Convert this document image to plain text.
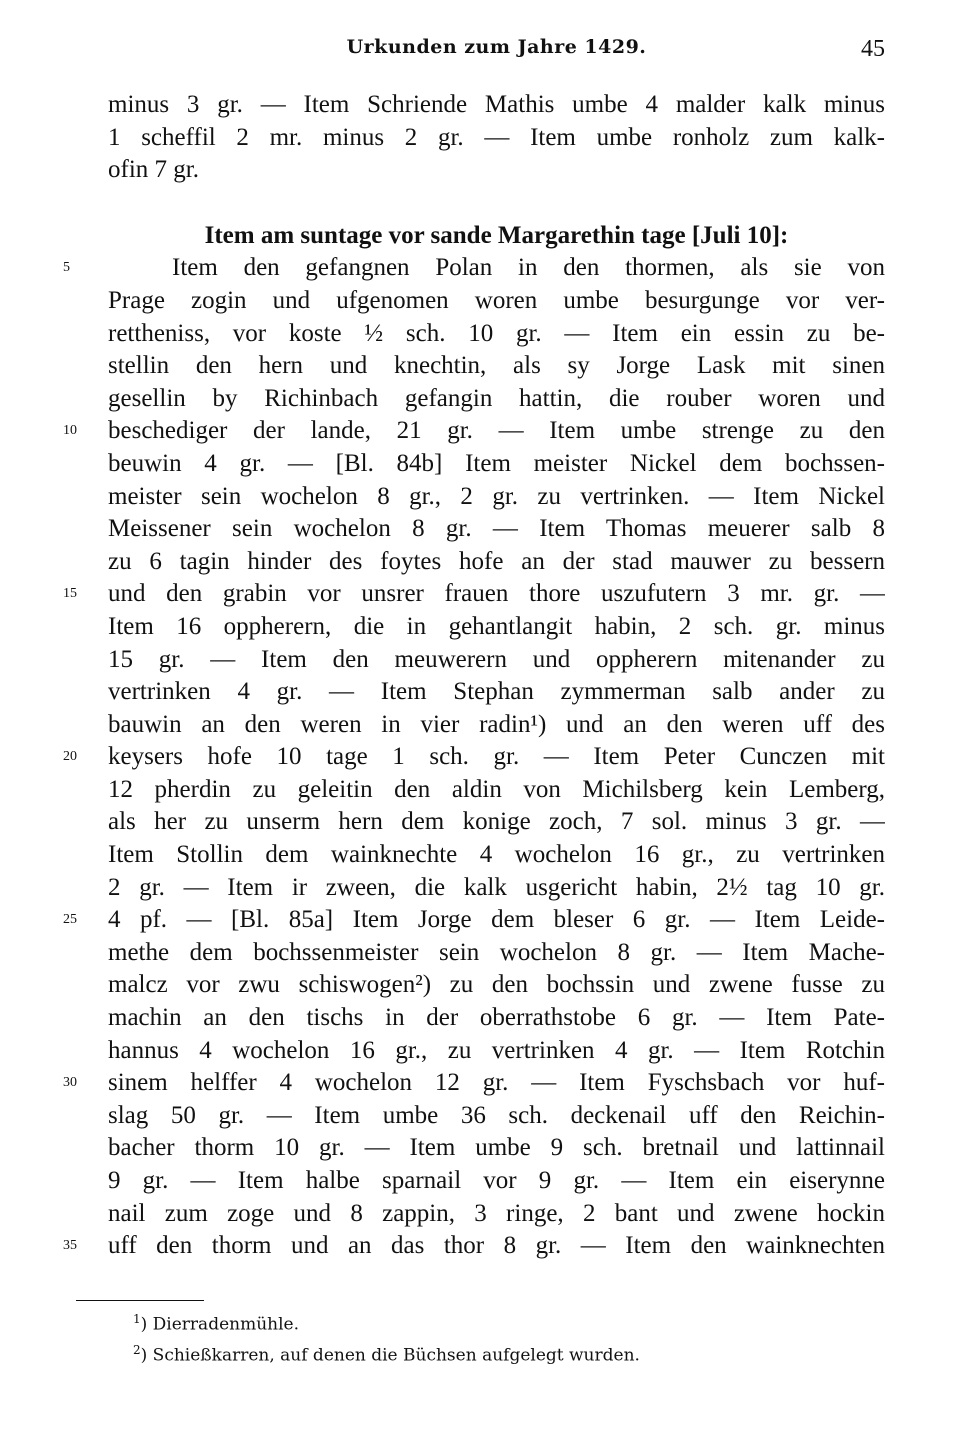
Urkunden zum Jahre 1429.	45
minus 3 gr. — Item Schriende Mathis umbe 4 malder kalk minus
1 scheffil 2 mr. minus 2 gr. — Item umbe ronholz zum kalk-
ofin 7 gr.
Item am suntage vor sande Margarethin tage [Juli 10]:
5	Item den gefangnen Polan in den thormen, als sie von
Prage zogin und ufgenomen woren umbe besurgunge vor ver-
rettheniss, vor koste ½ sch. 10 gr. — Item ein essin zu be-
stellin den hern und knechtin, als sy Jorge Lask mit sinen
gesellin by Richinbach gefangin hattin, die rouber woren und
10	beschediger der lande, 21 gr. — Item umbe strenge zu den
beuwin 4 gr. — [Bl. 84b] Item meister Nickel dem bochssen-
meister sein wochelon 8 gr., 2 gr. zu vertrinken. — Item Nickel
Meissener sein wochelon 8 gr. — Item Thomas meuerer salb 8
zu 6 tagin hinder des foytes hofe an der stad mauwer zu bessern
15	und den grabin vor unsrer frauen thore uszufutern 3 mr. gr. —
Item 16 oppherern, die in gehantlangit habin, 2 sch. gr. minus
15 gr. — Item den meuwerern und oppherern mitenander zu
vertrinken 4 gr. — Item Stephan zymmerman salb ander zu
bauwin an den weren in vier radin¹) und an den weren uff des
20	keysers hofe 10 tage 1 sch. gr. — Item Peter Cunczen mit
12 pherdin zu geleitin den aldin von Michilsberg kein Lemberg,
als her zu unserm hern dem konige zoch, 7 sol. minus 3 gr. —
Item Stollin dem wainknechte 4 wochelon 16 gr., zu vertrinken
2 gr. — Item ir zween, die kalk usgericht habin, 2½ tag 10 gr.
25	4 pf. — [Bl. 85a] Item Jorge dem bleser 6 gr. — Item Leide-
methe dem bochssenmeister sein wochelon 8 gr. — Item Mache-
malcz vor zwu schiswogen²) zu den bochssin und zwene fusse zu
machin an den tischs in der oberrathstobe 6 gr. — Item Pate-
hannus 4 wochelon 16 gr., zu vertrinken 4 gr. — Item Rotchin
30	sinem helffer 4 wochelon 12 gr. — Item Fyschsbach vor huf-
slag 50 gr. — Item umbe 36 sch. deckenail uff den Reichin-
bacher thorm 10 gr. — Item umbe 9 sch. bretnail und lattinnail
9 gr. — Item halbe sparnail vor 9 gr. — Item ein eiserynne
nail zum zoge und 8 zappin, 3 ringe, 2 bant und zwene hockin
35	uff den thorm und an das thor 8 gr. — Item den wainknechten
$^1$) Dierradenmühle.
$^2$) Schießkarren, auf denen die Büchsen aufgelegt wurden.
